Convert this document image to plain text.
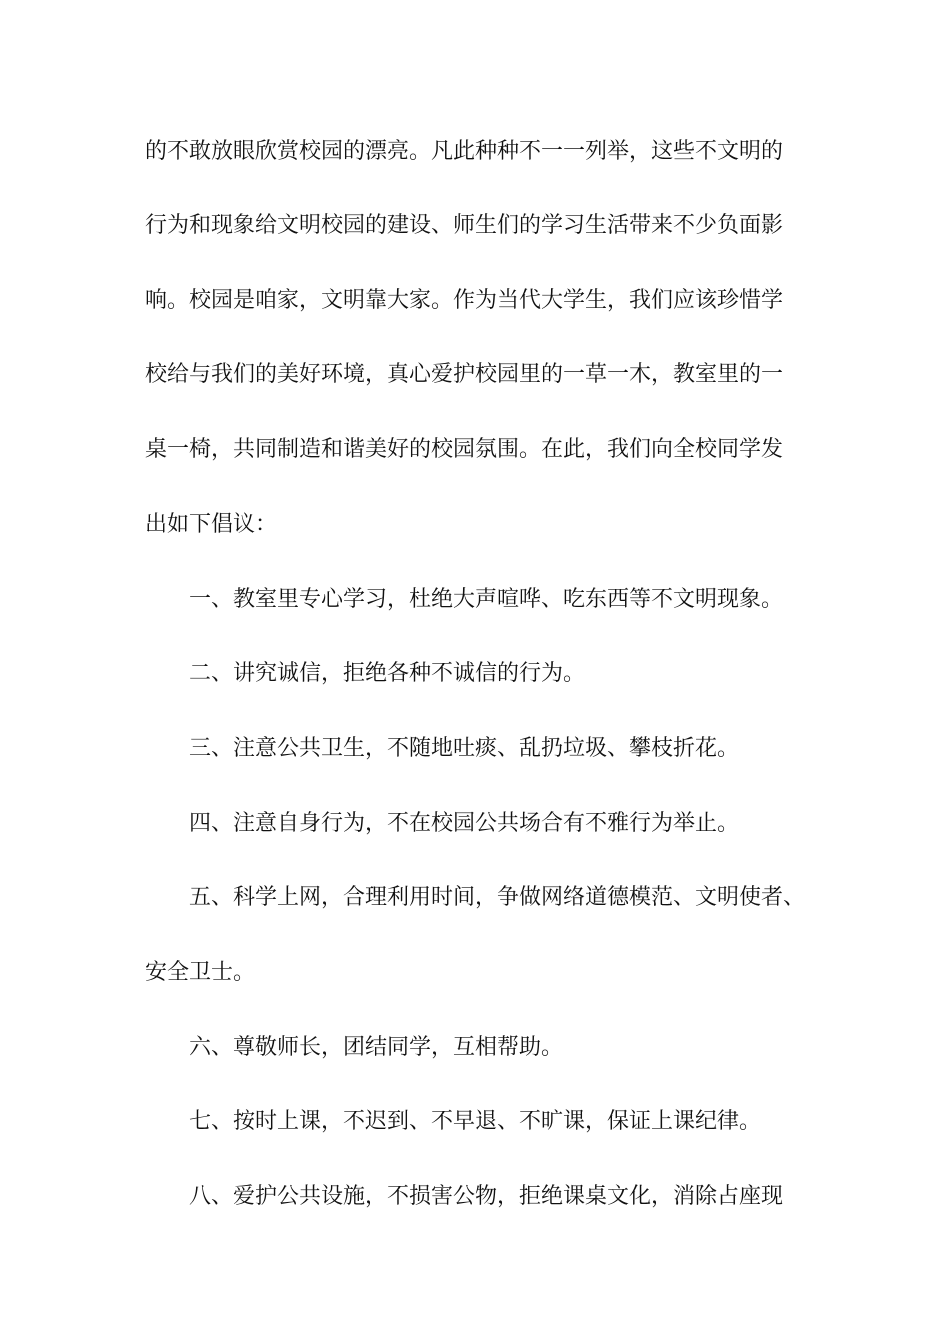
的不敢放眼欣赏校园的漂亮。凡此种种不一一列举，这些不文明的
行为和现象给文明校园的建设、师生们的学习生活带来不少负面影
响。校园是咱家，文明靠大家。作为当代大学生，我们应该珍惜学
校给与我们的美好环境，真心爱护校园里的一草一木，教室里的一
桌一椅，共同制造和谐美好的校园氛围。在此，我们向全校同学发
出如下倡议：
一、教室里专心学习，杜绝大声喧哗、吃东西等不文明现象。
二、讲究诚信，拒绝各种不诚信的行为。
三、注意公共卫生，不随地吐痰、乱扔垃圾、攀枝折花。
四、注意自身行为，不在校园公共场合有不雅行为举止。
五、科学上网，合理利用时间，争做网络道德模范、文明使者、
安全卫士。
六、尊敬师长，团结同学，互相帮助。
七、按时上课，不迟到、不早退、不旷课，保证上课纪律。
八、爱护公共设施，不损害公物，拒绝课桌文化，消除占座现
